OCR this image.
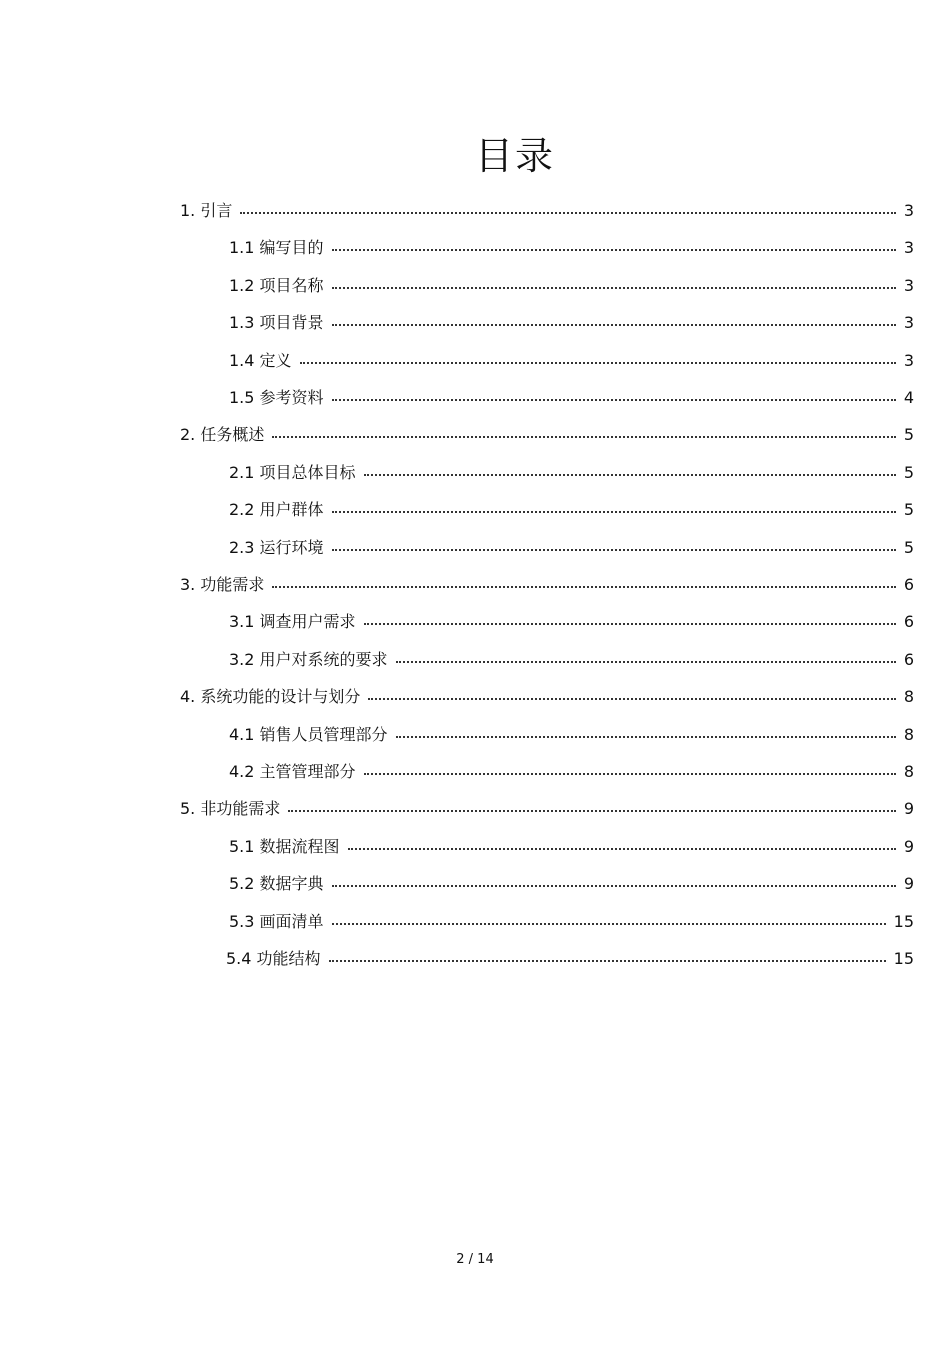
目录
1. 引言	3
1.1 编写目的	3
1.2 项目名称	3
1.3 项目背景	3
1.4 定义	3
1.5 参考资料	4
2. 任务概述	5
2.1 项目总体目标	5
2.2 用户群体	5
2.3 运行环境	5
3. 功能需求	6
3.1 调查用户需求	6
3.2 用户对系统的要求	6
4. 系统功能的设计与划分	8
4.1 销售人员管理部分	8
4.2 主管管理部分	8
5. 非功能需求	9
5.1 数据流程图	9
5.2 数据字典	9
5.3 画面清单	15
5.4 功能结构	15
2 / 14
